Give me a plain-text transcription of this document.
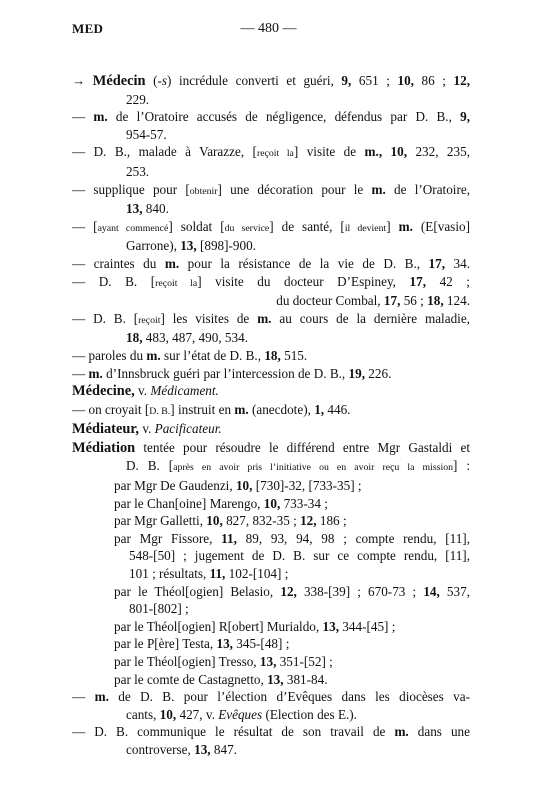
MED	— 480 —
→ Médecin (-s) incrédule converti et guéri, 9, 651 ; 10, 86 ; 12,
229.
— m. de l’Oratoire accusés de négligence, défendus par D. B., 9,
954-57.
— D. B., malade à Varazze, [reçoit la] visite de m., 10, 232, 235,
253.
— supplique pour [obtenir] une décoration pour le m. de l’Oratoire,
13, 840.
— [ayant commencé] soldat [du service] de santé, [il devient] m. (E[vasio]
Garrone), 13, [898]-900.
— craintes du m. pour la résistance de la vie de D. B., 17, 34.
— D. B. [reçoit la] visite du docteur D’Espiney, 17, 42 ;
du docteur Combal, 17, 56 ; 18, 124.
— D. B. [reçoit] les visites de m. au cours de la dernière maladie,
18, 483, 487, 490, 534.
— paroles du m. sur l’état de D. B., 18, 515.
— m. d’Innsbruck guéri par l’intercession de D. B., 19, 226.
Médecine, v. Médicament.
— on croyait [D. B.] instruit en m. (anecdote), 1, 446.
Médiateur, v. Pacificateur.
Médiation tentée pour résoudre le différend entre Mgr Gastaldi et
D. B. [après en avoir pris l’initiative ou en avoir reçu la mission] :
par Mgr De Gaudenzi, 10, [730]-32, [733-35] ;
par le Chan[oine] Marengo, 10, 733-34 ;
par Mgr Galletti, 10, 827, 832-35 ; 12, 186 ;
par Mgr Fissore, 11, 89, 93, 94, 98 ; compte rendu, [11],
548-[50] ; jugement de D. B. sur ce compte rendu, [11],
101 ; résultats, 11, 102-[104] ;
par le Théol[ogien] Belasio, 12, 338-[39] ; 670-73 ; 14, 537,
801-[802] ;
par le Théol[ogien] R[obert] Murialdo, 13, 344-[45] ;
par le P[ère] Testa, 13, 345-[48] ;
par le Théol[ogien] Tresso, 13, 351-[52] ;
par le comte de Castagnetto, 13, 381-84.
— m. de D. B. pour l’élection d’Evêques dans les diocèses va-
cants, 10, 427, v. Evêques (Election des E.).
— D. B. communique le résultat de son travail de m. dans une
controverse, 13, 847.
